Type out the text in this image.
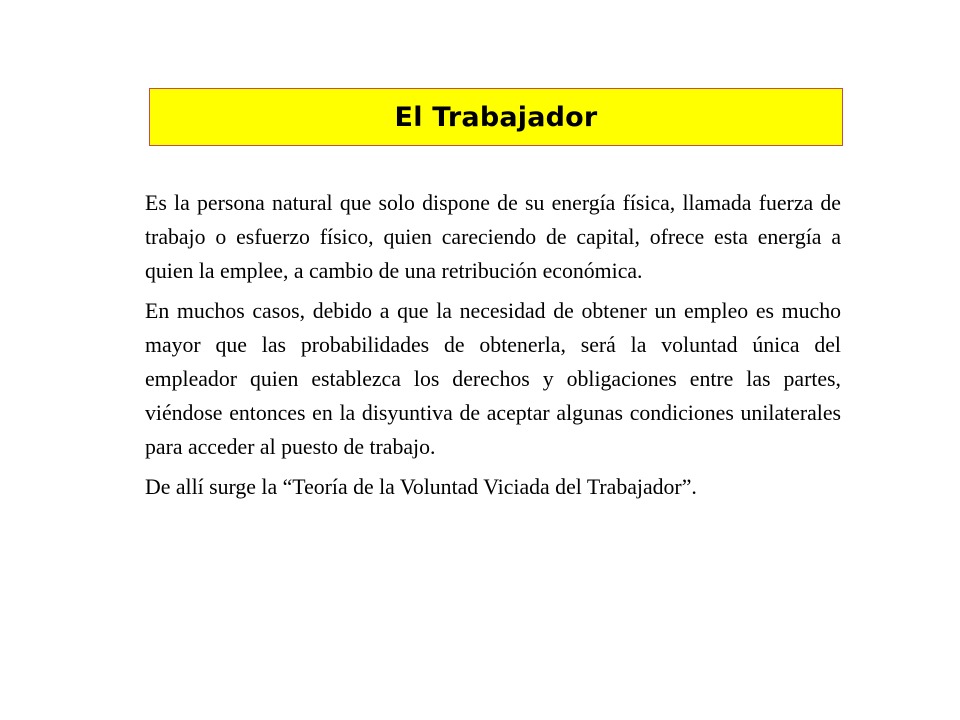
El Trabajador

Es la persona natural que solo dispone de su energía física, llamada fuerza de trabajo o esfuerzo físico, quien careciendo de capital, ofrece esta energía a quien la emplee, a cambio de una retribución económica.

En muchos casos, debido a que la necesidad de obtener un empleo es mucho mayor que las probabilidades de obtenerla, será la voluntad única del empleador quien establezca los derechos y obligaciones entre las partes, viéndose entonces en la disyuntiva de aceptar algunas condiciones unilaterales para acceder al puesto de trabajo.

De allí surge la “Teoría de la Voluntad Viciada del Trabajador”.
